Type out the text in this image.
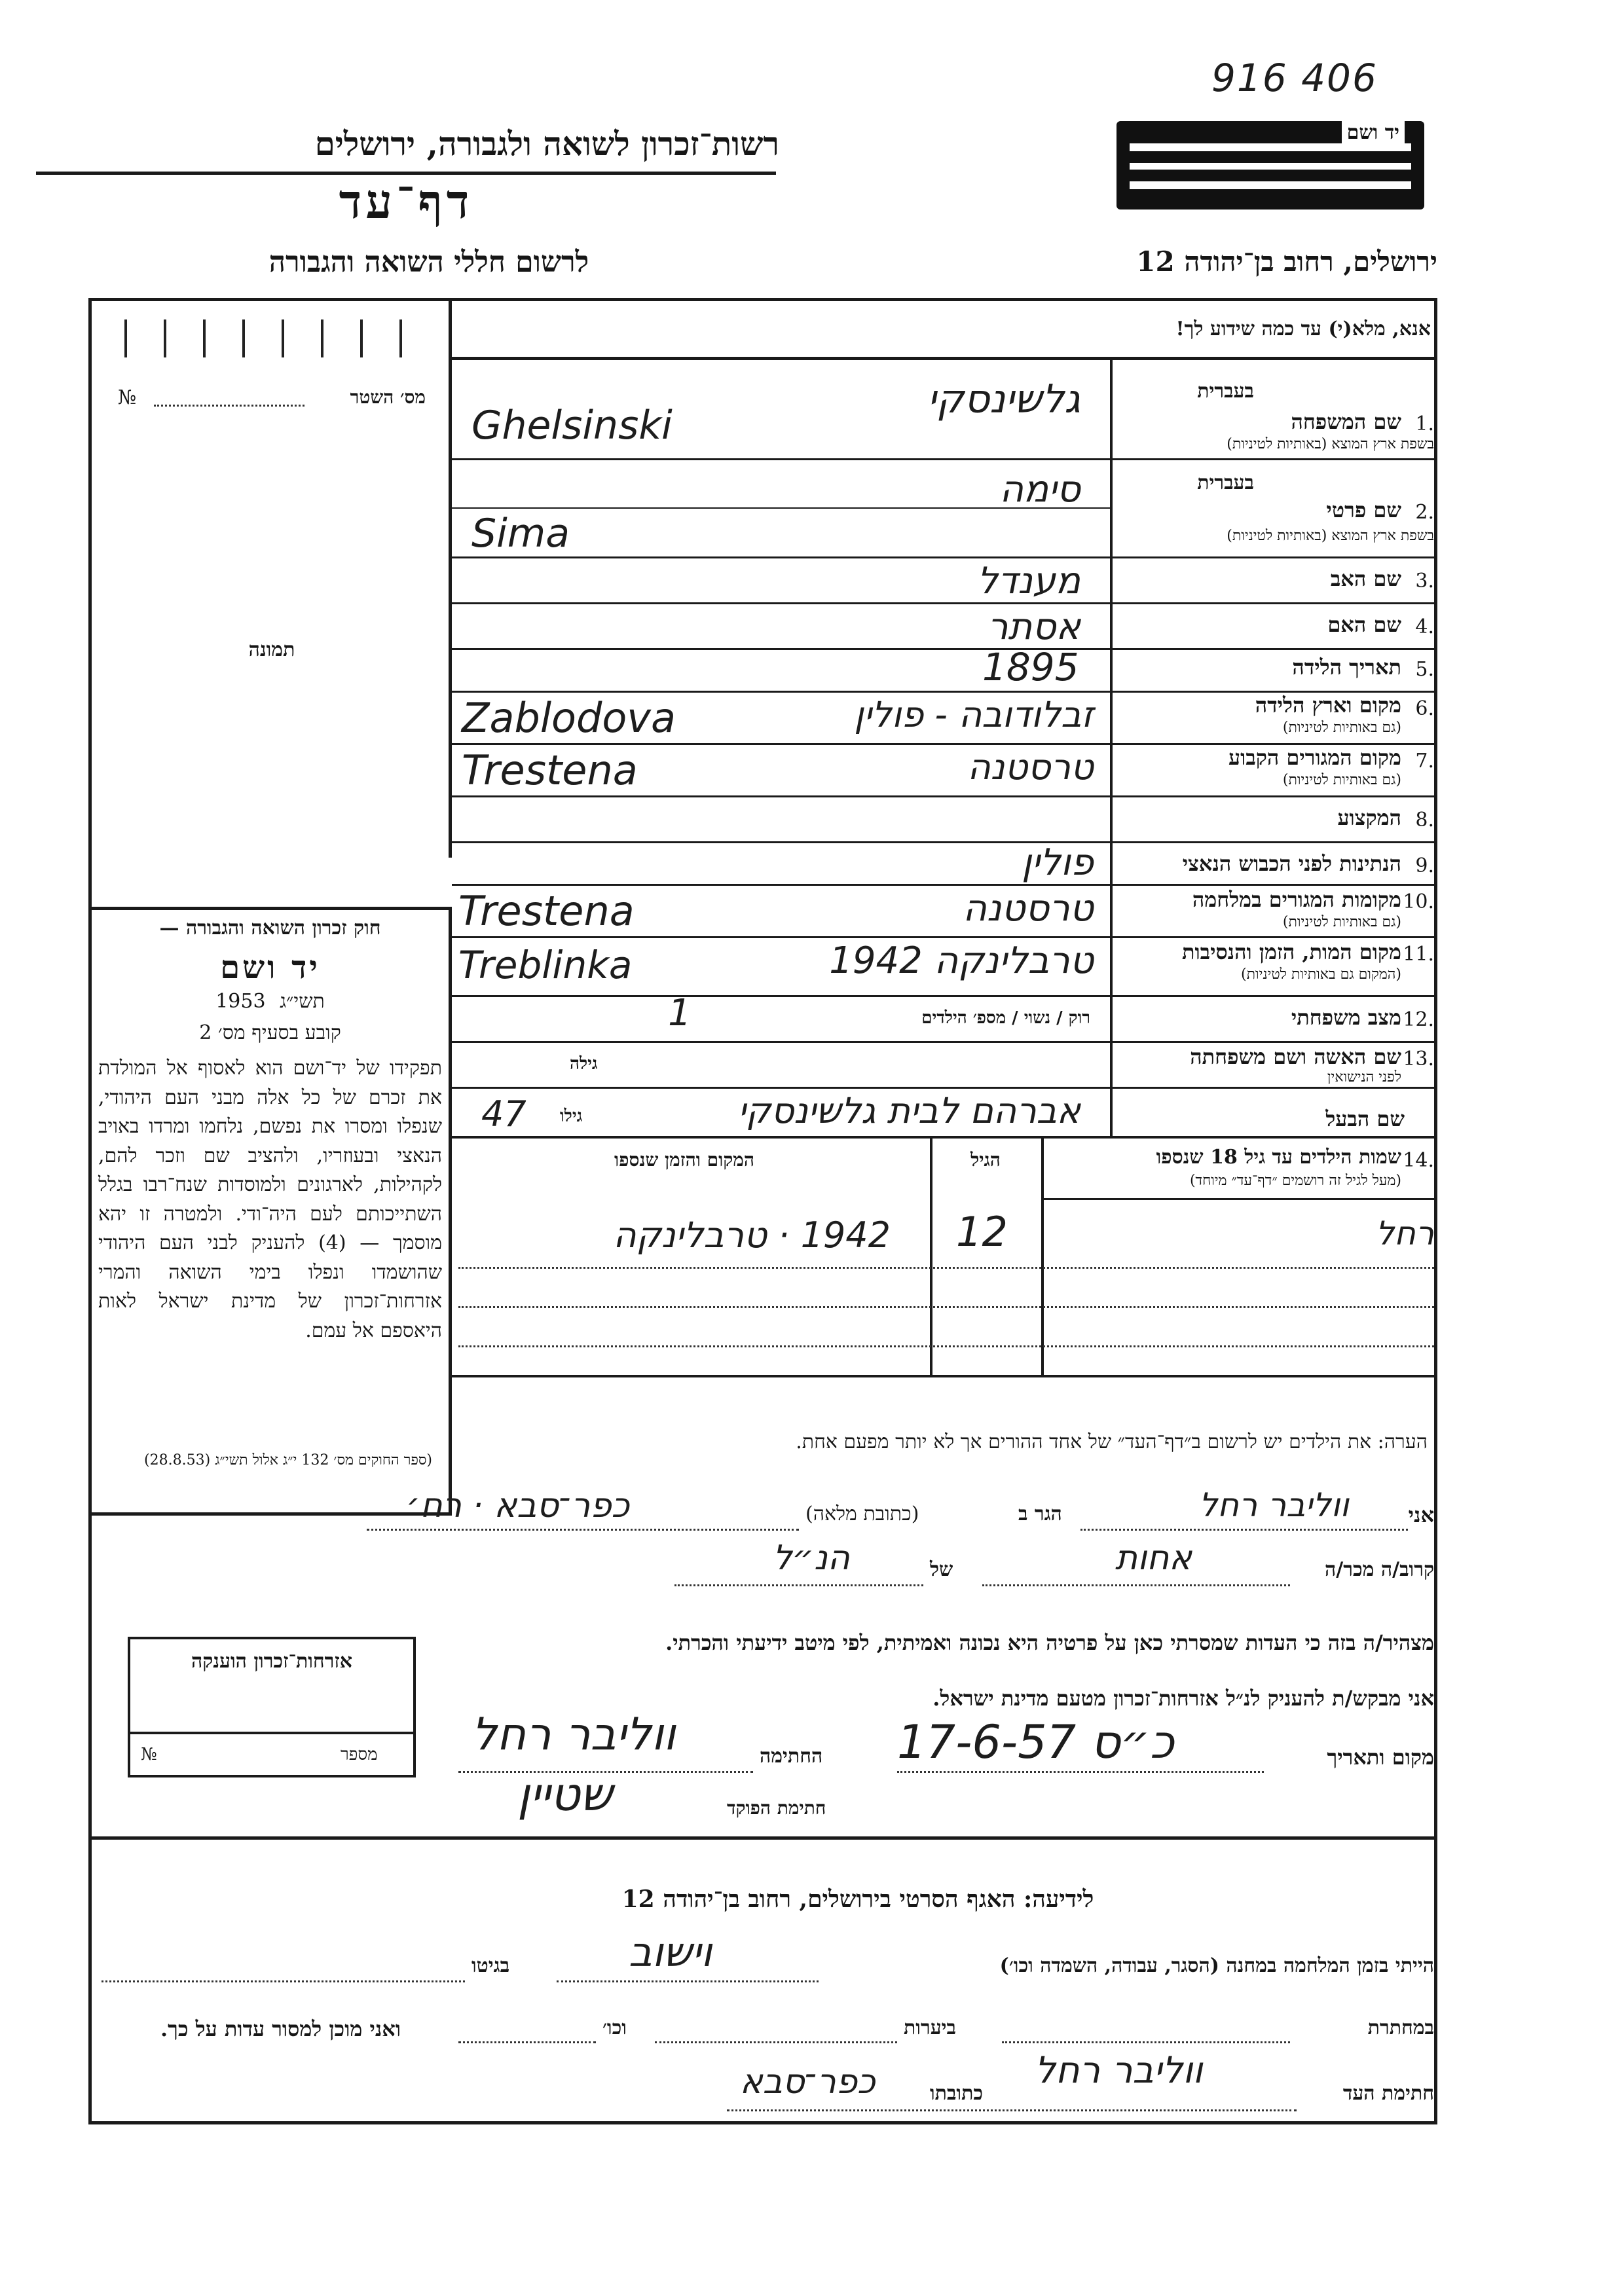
916 406
רשות־זכרון לשואה ולגבורה, ירושלים
דף־עד
לרשום חללי השואה והגבורה
יד ושם
ירושלים, רחוב בן־יהודה 12
№	מס׳ השטר
תמונה
חוק זכרון השואה והגבורה —
יד ושם
1953 תשי״ג
קובע בסעיף מס׳ 2
תפקידו של יד־ושם הוא לאסוף אל המולדת את זכרם של כל אלה מבני העם היהודי, שנפלו ומסרו את נפשם, נלחמו ומרדו באויב הנאצי ובעוזריו, ולהציב שם וזכר להם, לקהילות, לארגונים ולמוסדות שנח־רבו בגלל השתייכותם לעם היה־ודי. ולמטרה זו יהא מוסמך — (4) להעניק לבני העם היהודי שהושמדו ונפלו בימי השואה והמרי אזרחות־זכרון של מדינת ישראל לאות היאספם אל עמם.
(ספר החוקים מס׳ 132 י״ג אלול תשי״ג (28.8.53)
אנא, מלא(י) עד כמה שידוע לך!
1.
שם המשפחה
בעברית
בשפת ארץ המוצא (באותיות לטיניות)
גלשינסקי
Ghelsinski
2.
שם פרטי
בעברית
בשפת ארץ המוצא (באותיות לטיניות)
סימה
Sima
3.
שם האב
מענדל
4.
שם האם
אסתר
5.
תאריך הלידה
1895
6.
מקום וארץ הלידה
(גם באותיות לטיניות)
זבלודובה - פולין
Zablodova
7.
מקום המגורים הקבוע
(גם באותיות לטיניות)
טרסטנה
Trestena
8.
המקצוע
9.
הנתינות לפני הכבוש הנאצי
פולין
10.
מקומות המגורים במלחמה
(גם באותיות לטיניות)
טרסטנה
Trestena
11.
מקום המות, הזמן והנסיבות
(המקום גם באותיות לטיניות)
טרבלינקה 1942
Treblinka
12.
מצב משפחתי
רוק / נשוי / מספ׳ הילדים
1
13.
שם האשה ושם משפחתה
לפני הנישואין
גילה
שם הבעל
אברהם לבית גלשינסקי
גילו
47
14.
שמות הילדים עד גיל 18 שנספו
(מעל לגיל זה רושמים ״דף־עד״ מיוחד)
הגיל
המקום והזמן שנספו
רחל
12
1942 · טרבלינקה
הערה: את הילדים יש לרשום ב״דף־העד״ של אחד ההורים אך לא יותר מפעם אחת.
אני
ווליבר רחל
הגר ב
(כתובת מלאה)
כפר־סבא · רח׳
קרוב/ה מכר/ה
אחות
של
הנ״ל
מצהיר/ה בזה כי העדות שמסרתי כאן על פרטיה היא נכונה ואמיתית, לפי מיטב ידיעתי והכרתי.
אני מבקש/ת להעניק לנ״ל אזרחות־זכרון מטעם מדינת ישראל.
מקום ותאריך
כ״ס 17-6-57
החתימה
ווליבר רחל
חתימת הפוקד
שטיין
אזרחות־זכרון הוענקה
№	מספר
לידיעה: האגף הסרטי בירושלים, רחוב בן־יהודה 12
הייתי בזמן המלחמה במחנה (הסגר, עבודה, השמדה וכו׳)
וישוב
בגיטו
במחתרת
ביערות
וכו׳
ואני מוכן למסור עדות על כך.
חתימת העד
ווליבר רחל
כתובתו
כפר־סבא
